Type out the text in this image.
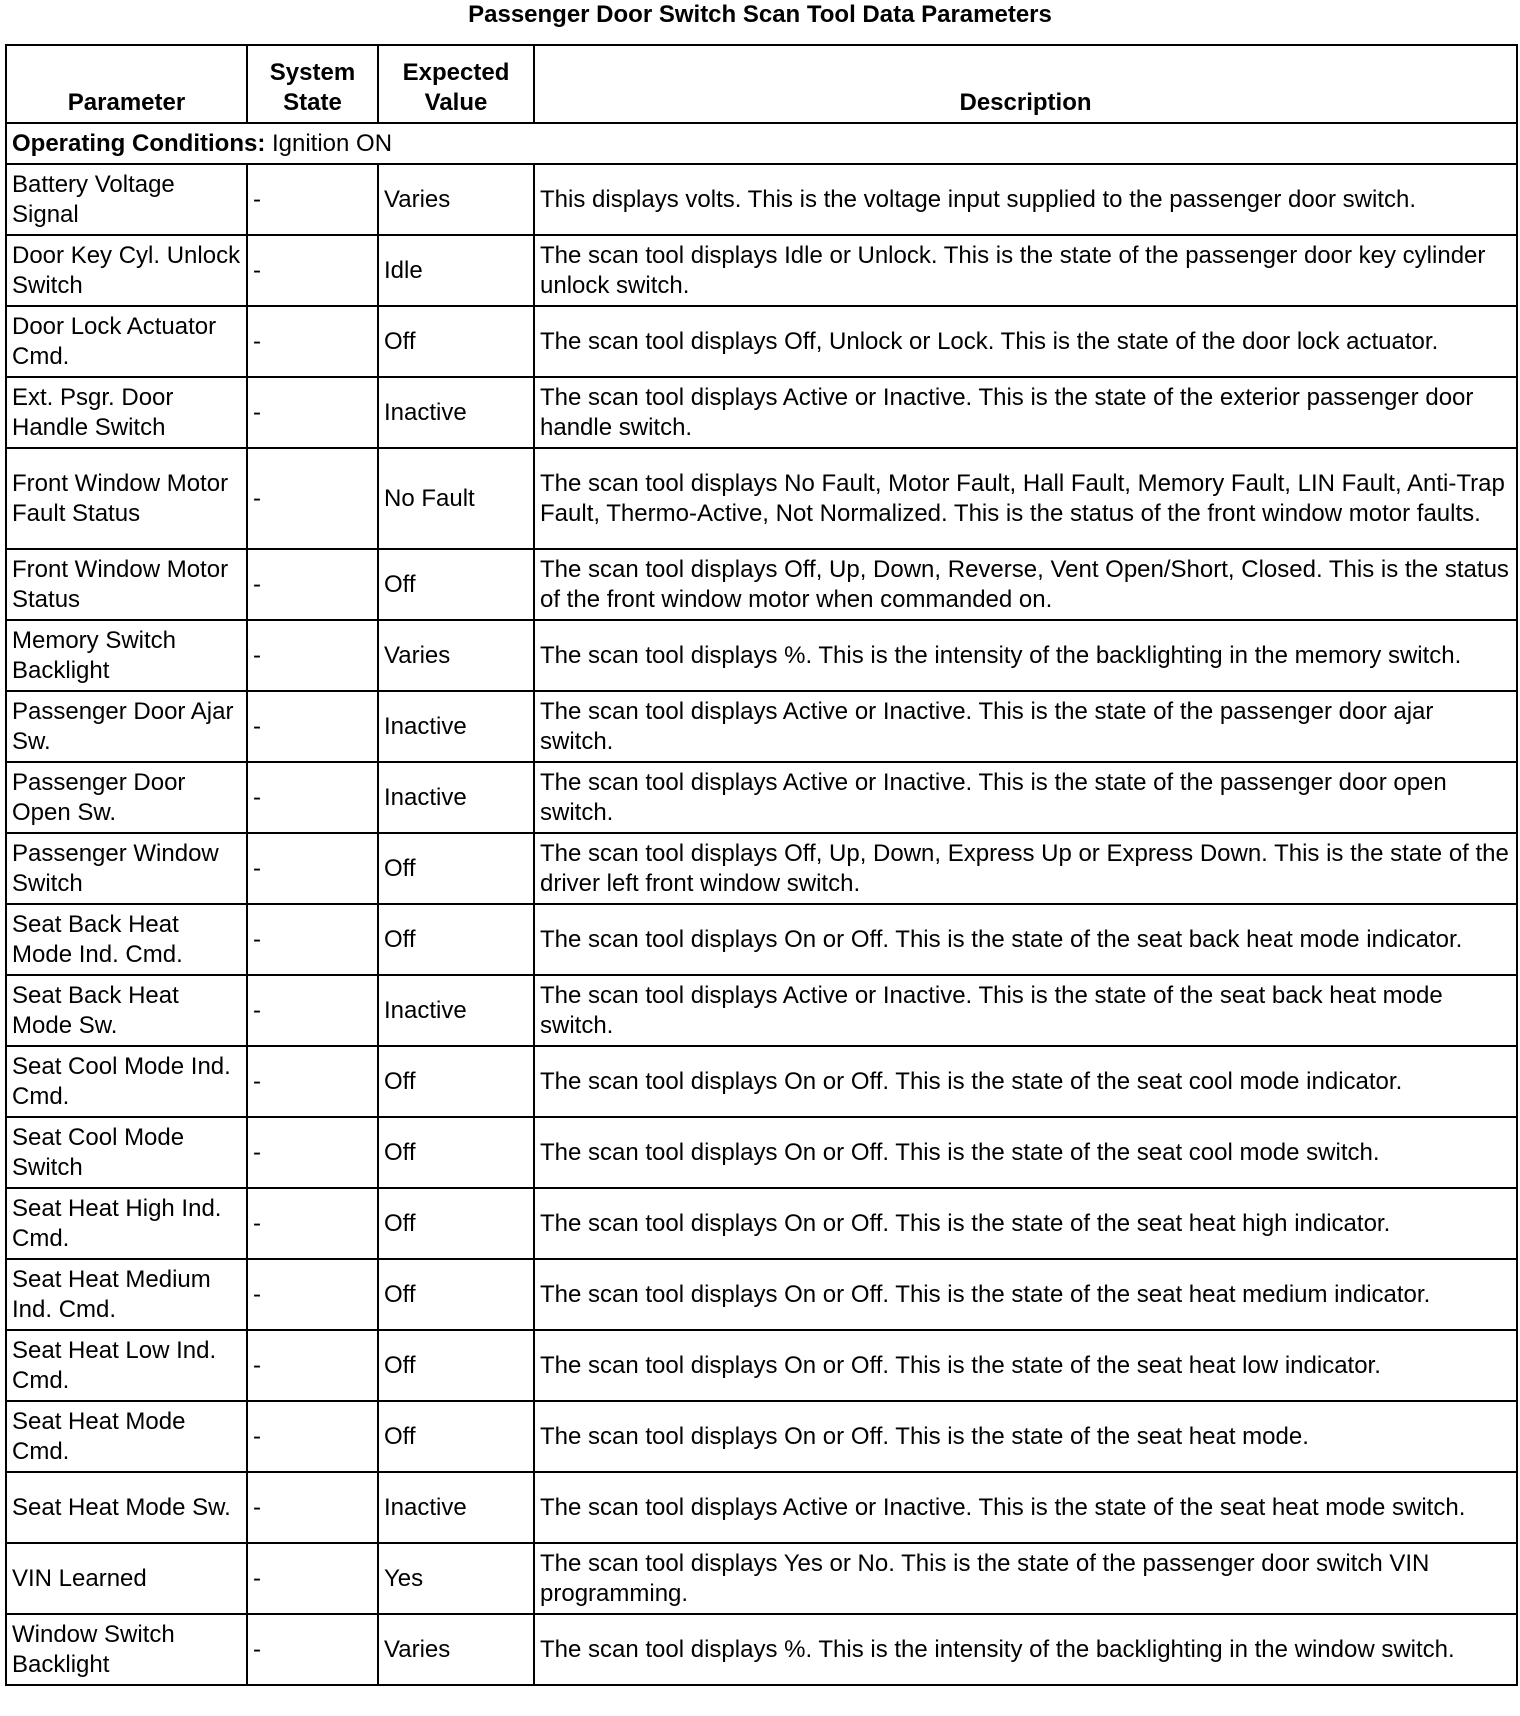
Passenger Door Switch Scan Tool Data Parameters
Parameter	System State	Expected Value	Description
Operating Conditions: Ignition ON			
Battery Voltage Signal	-	Varies	This displays volts. This is the voltage input supplied to the passenger door switch.
Door Key Cyl. Unlock Switch	-	Idle	The scan tool displays Idle or Unlock. This is the state of the passenger door key cylinder unlock switch.
Door Lock Actuator Cmd.	-	Off	The scan tool displays Off, Unlock or Lock. This is the state of the door lock actuator.
Ext. Psgr. Door Handle Switch	-	Inactive	The scan tool displays Active or Inactive. This is the state of the exterior passenger door handle switch.
Front Window Motor Fault Status	-	No Fault	The scan tool displays No Fault, Motor Fault, Hall Fault, Memory Fault, LIN Fault, Anti-Trap Fault, Thermo-Active, Not Normalized. This is the status of the front window motor faults.
Front Window Motor Status	-	Off	The scan tool displays Off, Up, Down, Reverse, Vent Open/Short, Closed. This is the status of the front window motor when commanded on.
Memory Switch Backlight	-	Varies	The scan tool displays %. This is the intensity of the backlighting in the memory switch.
Passenger Door Ajar Sw.	-	Inactive	The scan tool displays Active or Inactive. This is the state of the passenger door ajar switch.
Passenger Door Open Sw.	-	Inactive	The scan tool displays Active or Inactive. This is the state of the passenger door open switch.
Passenger Window Switch	-	Off	The scan tool displays Off, Up, Down, Express Up or Express Down. This is the state of the driver left front window switch.
Seat Back Heat Mode Ind. Cmd.	-	Off	The scan tool displays On or Off. This is the state of the seat back heat mode indicator.
Seat Back Heat Mode Sw.	-	Inactive	The scan tool displays Active or Inactive. This is the state of the seat back heat mode switch.
Seat Cool Mode Ind. Cmd.	-	Off	The scan tool displays On or Off. This is the state of the seat cool mode indicator.
Seat Cool Mode Switch	-	Off	The scan tool displays On or Off. This is the state of the seat cool mode switch.
Seat Heat High Ind. Cmd.	-	Off	The scan tool displays On or Off. This is the state of the seat heat high indicator.
Seat Heat Medium Ind. Cmd.	-	Off	The scan tool displays On or Off. This is the state of the seat heat medium indicator.
Seat Heat Low Ind. Cmd.	-	Off	The scan tool displays On or Off. This is the state of the seat heat low indicator.
Seat Heat Mode Cmd.	-	Off	The scan tool displays On or Off. This is the state of the seat heat mode.
Seat Heat Mode Sw.	-	Inactive	The scan tool displays Active or Inactive. This is the state of the seat heat mode switch.
VIN Learned	-	Yes	The scan tool displays Yes or No. This is the state of the passenger door switch VIN programming.
Window Switch Backlight	-	Varies	The scan tool displays %. This is the intensity of the backlighting in the window switch.
